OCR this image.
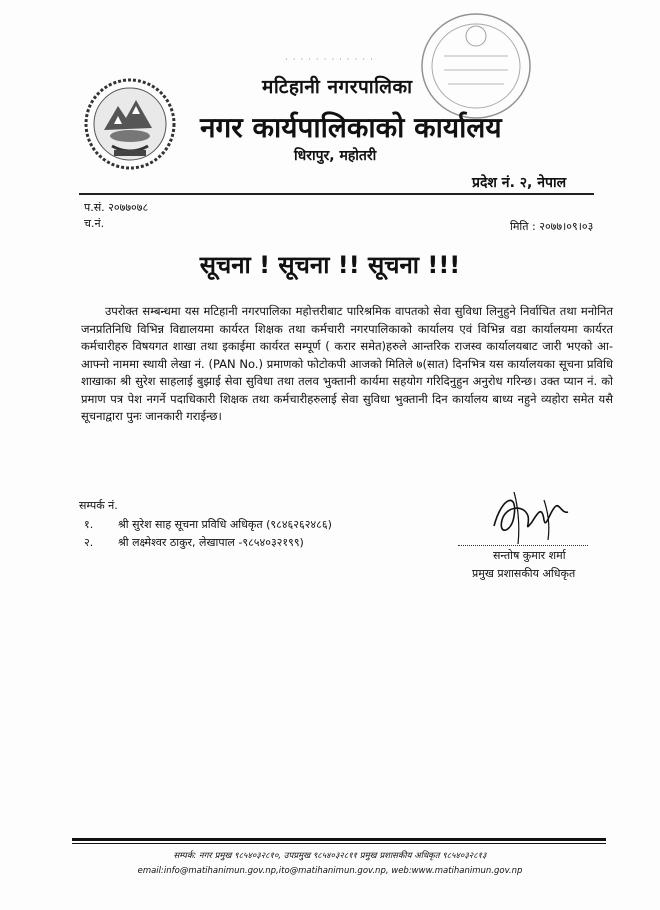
· · · · · · · · · · · ·
मटिहानी नगरपालिका
नगर कार्यपालिकाको कार्यालय
धिरापुर, महोतरी
प्रदेश नं. २, नेपाल
प.सं. २०७७०७८
च.नं.	मिति : २०७७।०९।०३
सूचना ! सूचना !! सूचना !!!
उपरोक्त सम्बन्धमा यस मटिहानी नगरपालिका महोत्तरीबाट पारिश्रमिक वापतको सेवा सुविधा लिनुहुने निर्वाचित तथा मनोनित जनप्रतिनिधि विभिन्न विद्यालयमा कार्यरत शिक्षक तथा कर्मचारी नगरपालिकाको कार्यालय एवं विभिन्न वडा कार्यालयमा कार्यरत कर्मचारीहरु विषयगत शाखा तथा इकाईमा कार्यरत सम्पूर्ण ( करार समेत)हरुले आन्तरिक राजस्व कार्यालयबाट जारी भएको आ-आफ्नो नाममा स्थायी लेखा नं. (PAN No.) प्रमाणको फोटोकपी आजको मितिले ७(सात) दिनभित्र यस कार्यालयका सूचना प्रविधि शाखाका श्री सुरेश साहलाई बुझाई सेवा सुविधा तथा तलव भुक्तानी कार्यमा सहयोग गरिदिनुहुन अनुरोध गरिन्छ। उक्त प्यान नं. को प्रमाण पत्र पेश नगर्ने पदाधिकारी शिक्षक तथा कर्मचारीहरुलाई सेवा सुविधा भुक्तानी दिन कार्यालय बाध्य नहुने व्यहोरा समेत यसै सूचनाद्वारा पुनः जानकारी गराईन्छ।
सम्पर्क नं.
१. श्री सुरेश साह सूचना प्रविधि अधिकृत (९८४६२६२४८६)
२. श्री लक्ष्मेश्वर ठाकुर, लेखापाल -९८५४०३२१९९)
सन्तोष कुमार शर्मा
प्रमुख प्रशासकीय अधिकृत
सम्पर्क: नगर प्रमुख ९८५४०३२८१०, उपप्रमुख ९८५४०३२८११ प्रमुख प्रशासकीय अधिकृत ९८५४०३२८१३
email:info@matihanimun.gov.np,ito@matihanimun.gov.np, web:www.matihanimun.gov.np
